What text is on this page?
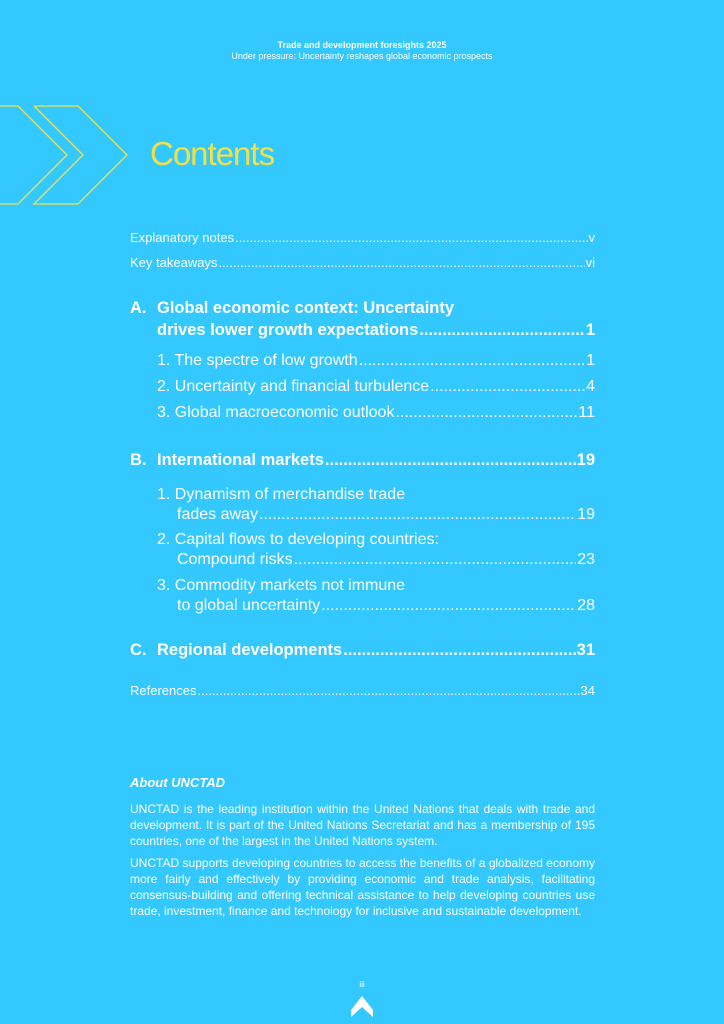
Trade and development foresights 2025
Under pressure: Uncertainty reshapes global economic prospects
Contents
Explanatory notes .....	v
Key takeaways .....	vi
A. Global economic context: Uncertainty
drives lower growth expectations .....	1
1. The spectre of low growth .....	1
2. Uncertainty and financial turbulence .....	4
3. Global macroeconomic outlook .....	11
B. International markets .....	19
1. Dynamism of merchandise trade
fades away .....	19
2. Capital flows to developing countries:
Compound risks .....	23
3. Commodity markets not immune
to global uncertainty .....	28
C. Regional developments .....	31
References .....	34
About UNCTAD
UNCTAD is the leading institution within the United Nations that deals with trade and development. It is part of the United Nations Secretariat and has a membership of 195 countries, one of the largest in the United Nations system.
UNCTAD supports developing countries to access the benefits of a globalized economy more fairly and effectively by providing economic and trade analysis, facilitating consensus-building and offering technical assistance to help developing countries use trade, investment, finance and technology for inclusive and sustainable development.
iii
